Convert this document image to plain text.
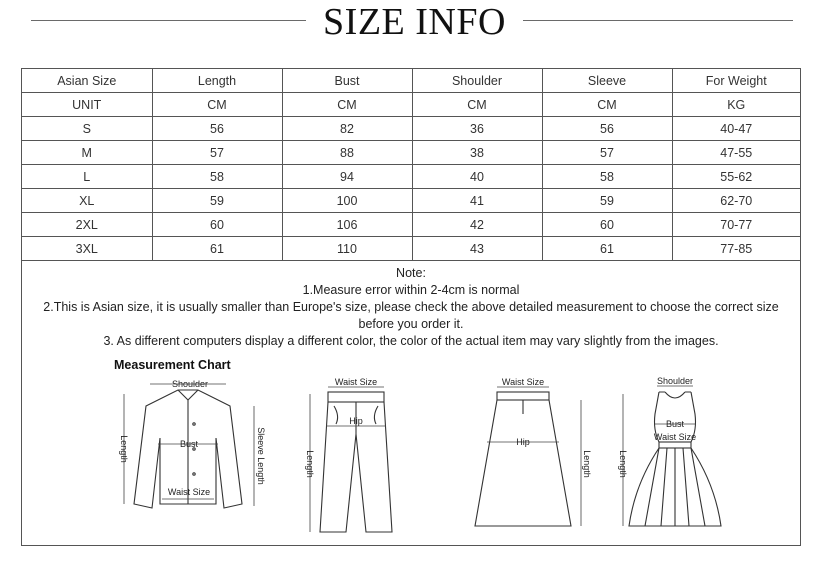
SIZE INFO
Asian Size	Length	Bust	Shoulder	Sleeve	For Weight
UNIT	CM	CM	CM	CM	KG
S	56	82	36	56	40-47
M	57	88	38	57	47-55
L	58	94	40	58	55-62
XL	59	100	41	59	62-70
2XL	60	106	42	60	70-77
3XL	61	110	43	61	77-85
Note:
1.Measure error within 2-4cm is normal
2.This is Asian size, it is usually smaller than Europe's size, please check the above detailed measurement to choose the correct size
before you order it.
3. As different computers display a different color, the color of the actual item may vary slightly from the images.
Measurement Chart
Shoulder
Bust
Waist Size
Length	Sleeve Length
Waist Size
Hip
Length
Waist Size
Hip
Length
Shoulder
Bust
Waist Size
Length
